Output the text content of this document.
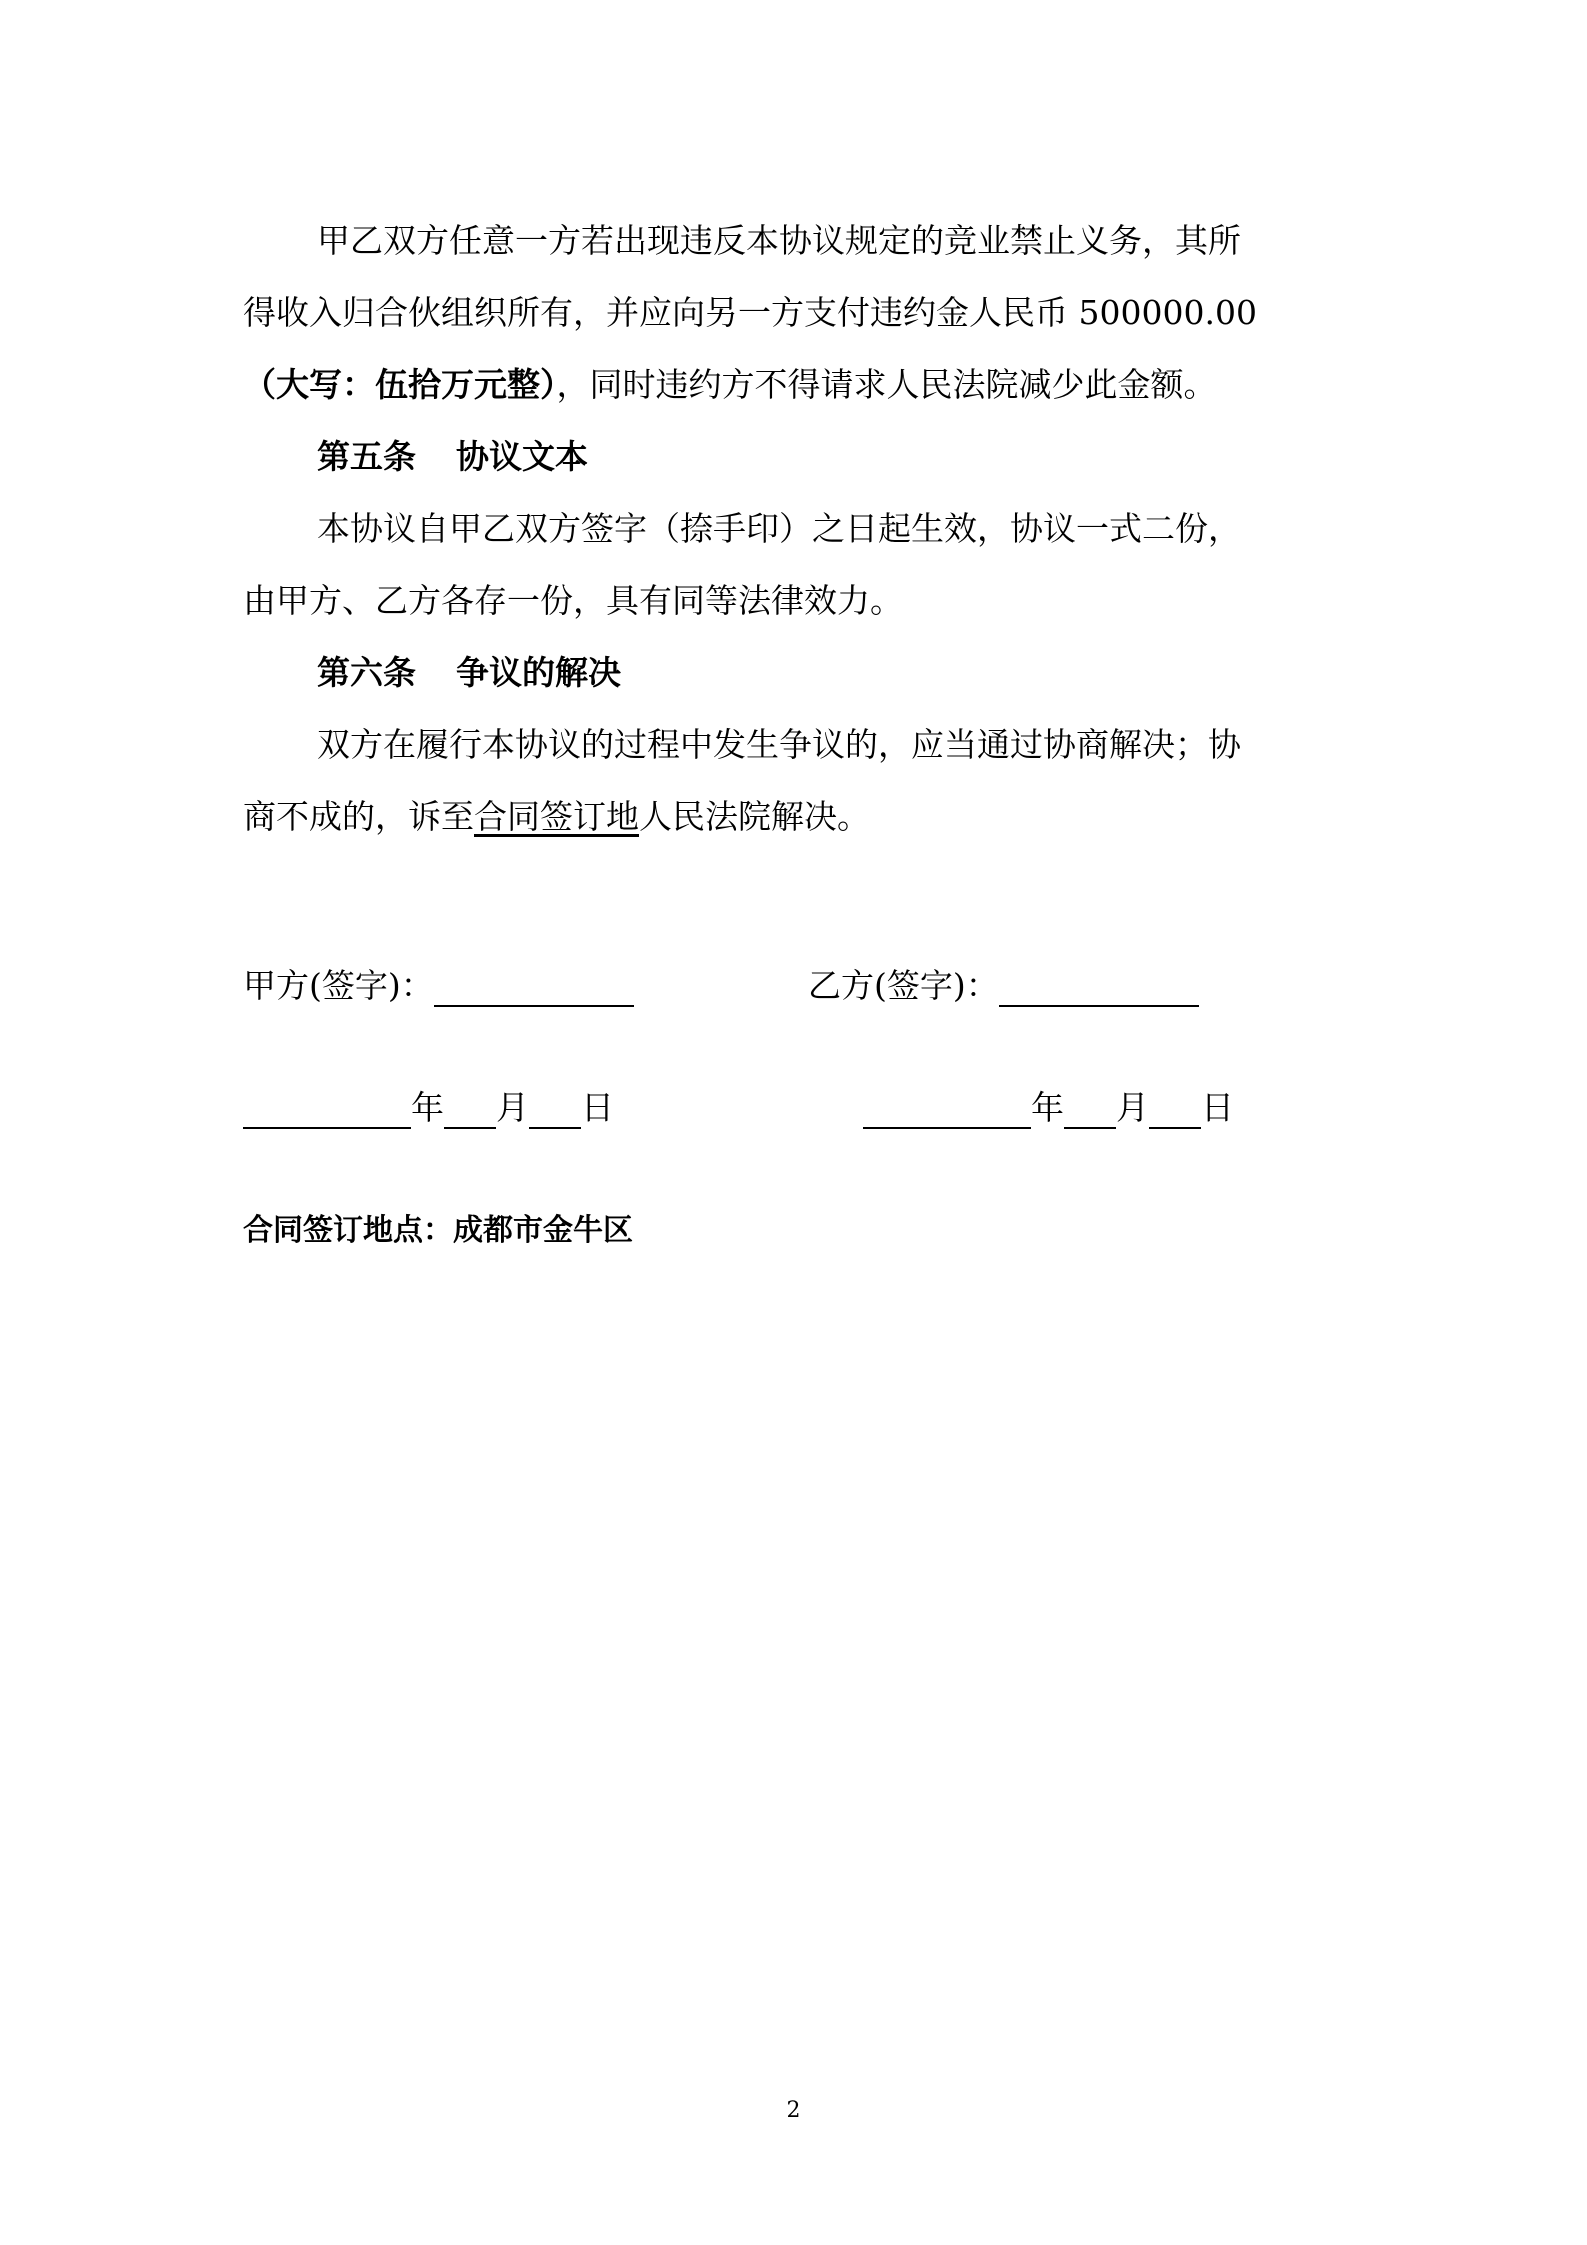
甲乙双方任意一方若出现违反本协议规定的竞业禁止义务，其所
得收入归合伙组织所有，并应向另一方支付违约金人民币 500000.00
（大写：伍拾万元整），同时违约方不得请求人民法院减少此金额。

第五条 协议文本

本协议自甲乙双方签字（捺手印）之日起生效，协议一式二份，
由甲方、乙方各存一份，具有同等法律效力。

第六条 争议的解决

双方在履行本协议的过程中发生争议的，应当通过协商解决；协
商不成的，诉至合同签订地人民法院解决。

甲方(签字)：	乙方(签字)：
年 月 日	年 月 日
合同签订地点：成都市金牛区
2
